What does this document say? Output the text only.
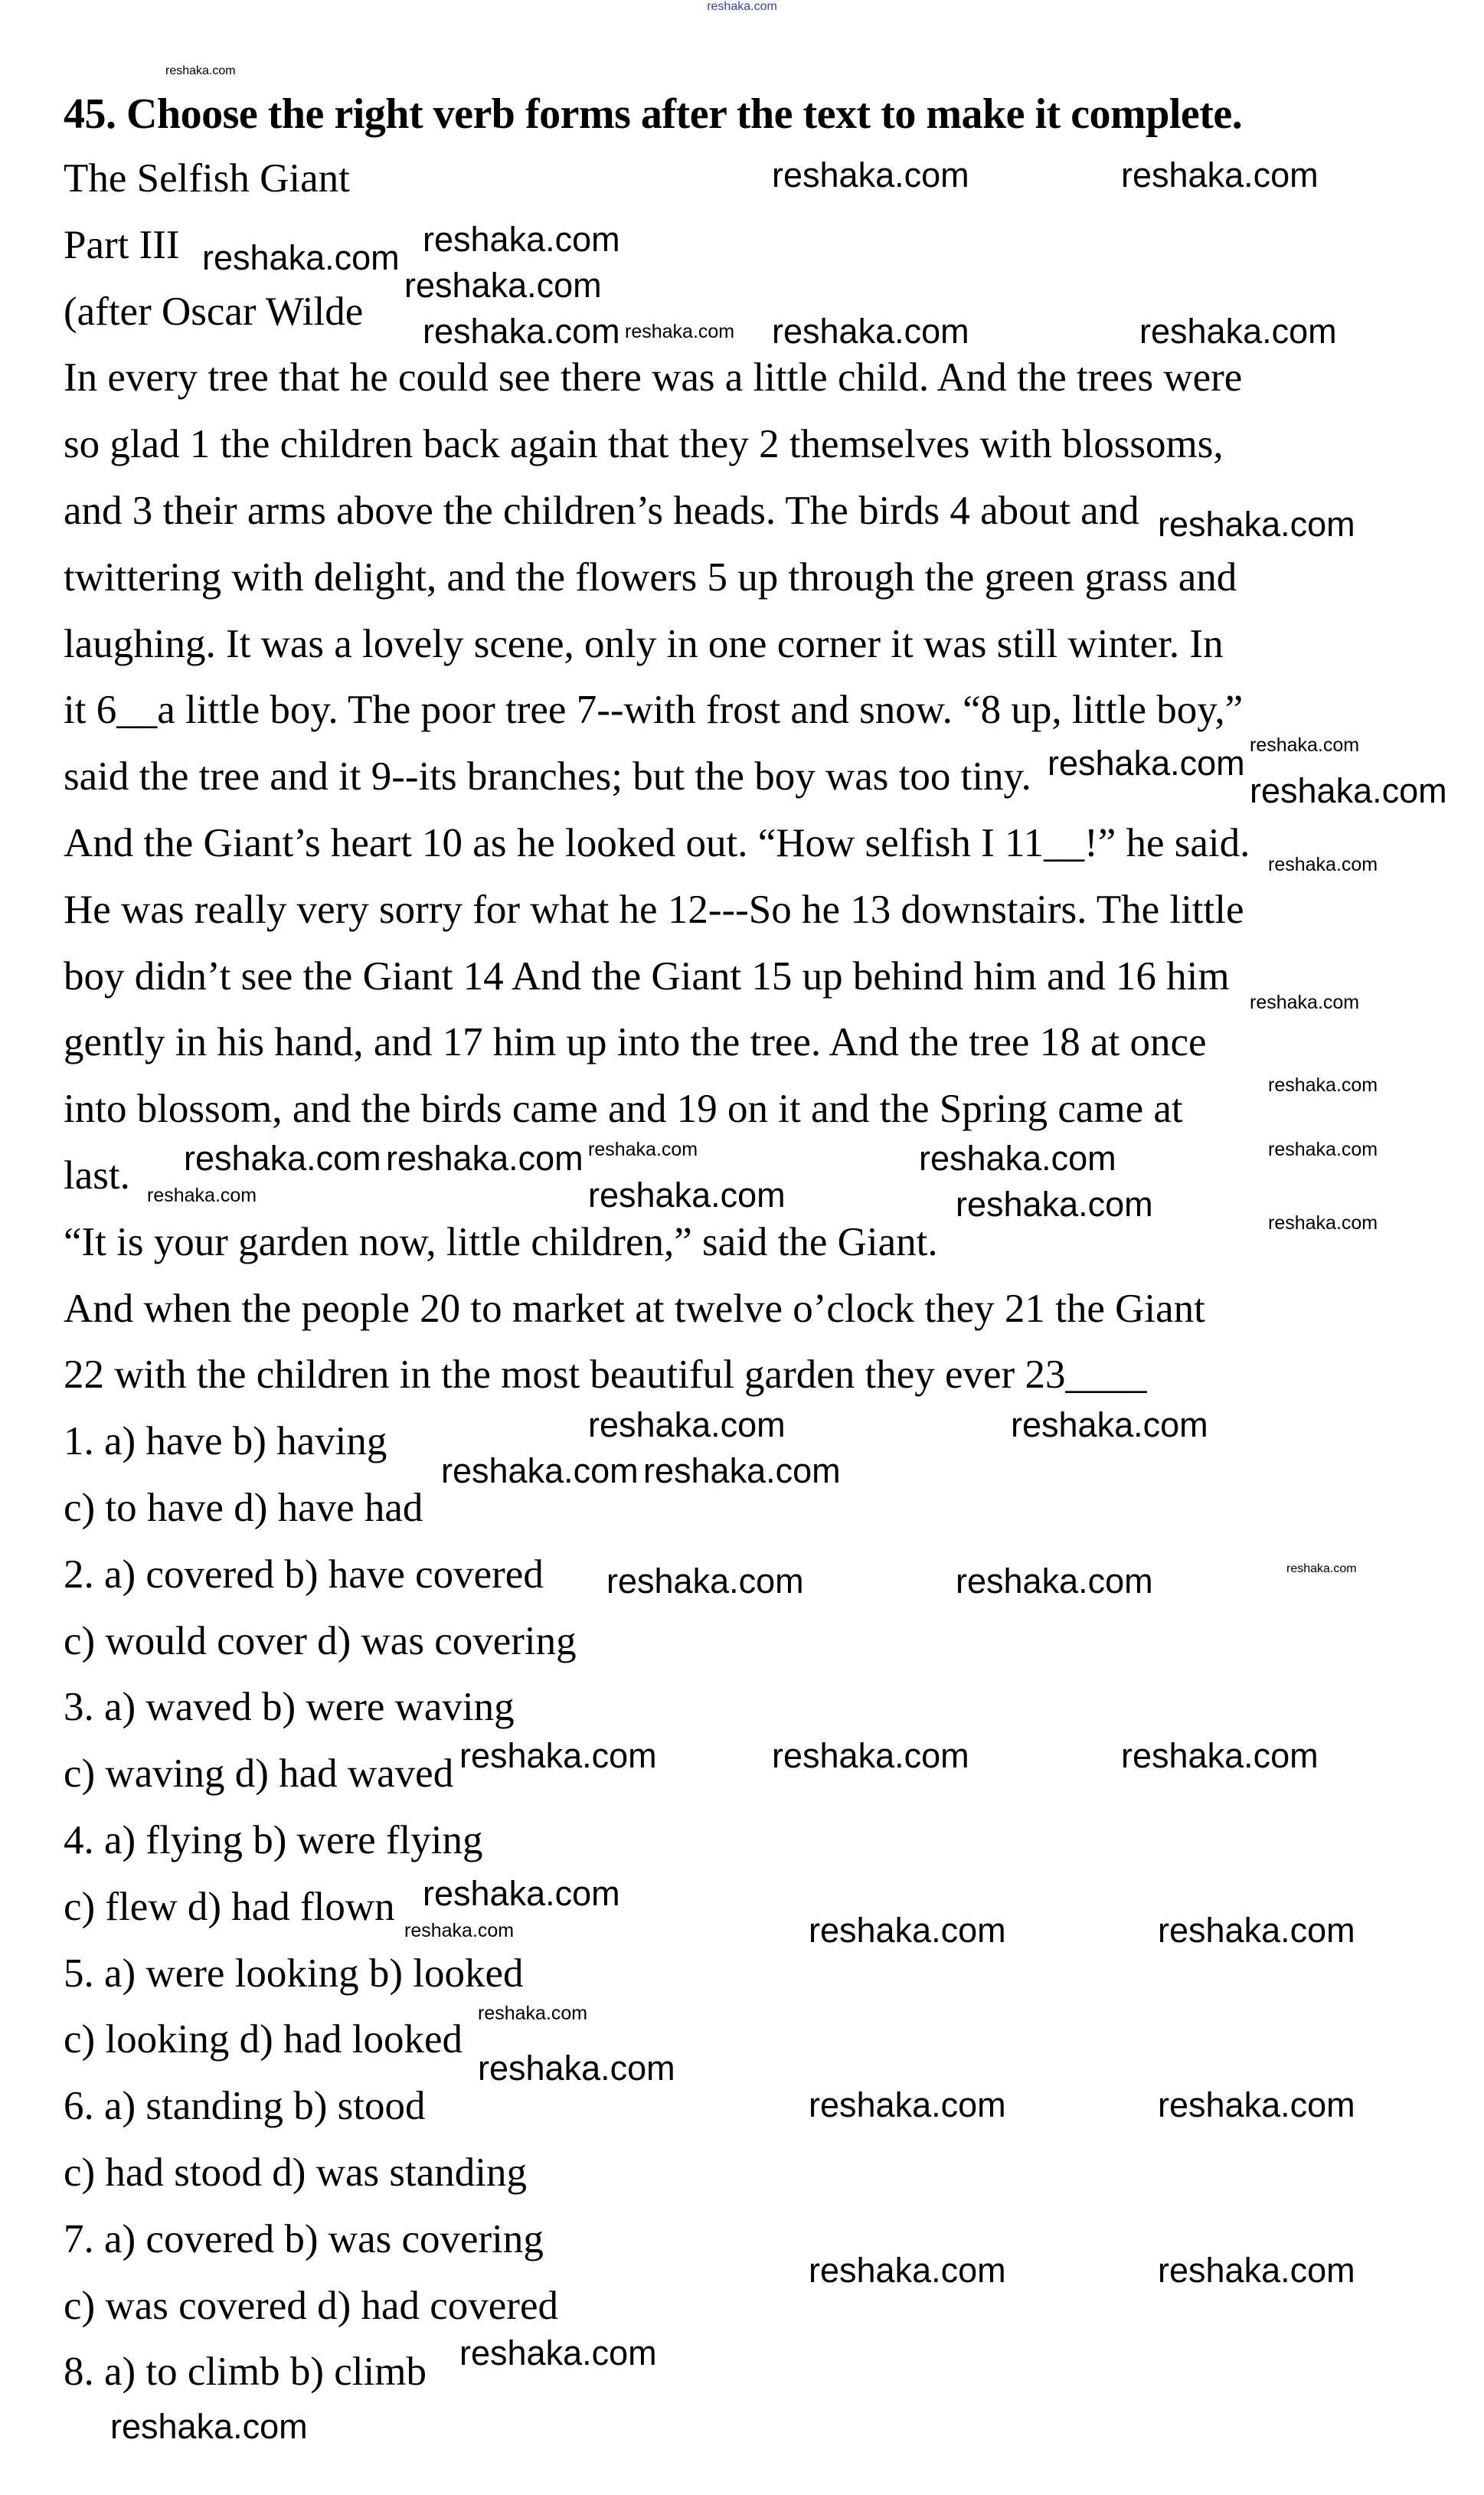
reshaka.com
45. Choose the right verb forms after the text to make it complete.
The Selfish Giant
Part III
(after Oscar Wilde
In every tree that he could see there was a little child. And the trees were
so glad 1 the children back again that they 2 themselves with blossoms,
and 3 their arms above the children’s heads. The birds 4 about and
twittering with delight, and the flowers 5 up through the green grass and
laughing. It was a lovely scene, only in one corner it was still winter. In
it 6__a little boy. The poor tree 7--with frost and snow. “8 up, little boy,”
said the tree and it 9--its branches; but the boy was too tiny.
And the Giant’s heart 10 as he looked out. “How selfish I 11__!” he said.
He was really very sorry for what he 12---So he 13 downstairs. The little
boy didn’t see the Giant 14 And the Giant 15 up behind him and 16 him
gently in his hand, and 17 him up into the tree. And the tree 18 at once
into blossom, and the birds came and 19 on it and the Spring came at
last.
“It is your garden now, little children,” said the Giant.
And when the people 20 to market at twelve o’clock they 21 the Giant
22 with the children in the most beautiful garden they ever 23____
1. a) have b) having
c) to have d) have had
2. a) covered b) have covered
c) would cover d) was covering
3. a) waved b) were waving
c) waving d) had waved
4. a) flying b) were flying
c) flew d) had flown
5. a) were looking b) looked
c) looking d) had looked
6. a) standing b) stood
c) had stood d) was standing
7. a) covered b) was covering
c) was covered d) had covered
8. a) to climb b) climb
reshaka.com	reshaka.com
reshaka.com
reshaka.com
reshaka.com	reshaka.com
reshaka.com
reshaka.com
reshaka.com
reshaka.com
reshaka.com
reshaka.com
reshaka.com	reshaka.com
reshaka.com
reshaka.com
reshaka.com
reshaka.com reshaka.com
reshaka.com
reshaka.com	reshaka.com
reshaka.com	reshaka.com	reshaka.com
reshaka.com
reshaka.com	reshaka.com
reshaka.com
reshaka.com	reshaka.com
reshaka.com
reshaka.com	reshaka.com
reshaka.com
reshaka.com
reshaka.com
reshaka.com
reshaka.com
reshaka.com
reshaka.com
reshaka.com
reshaka.com
reshaka.com
reshaka.com
reshaka.com
reshaka.com
reshaka.com
